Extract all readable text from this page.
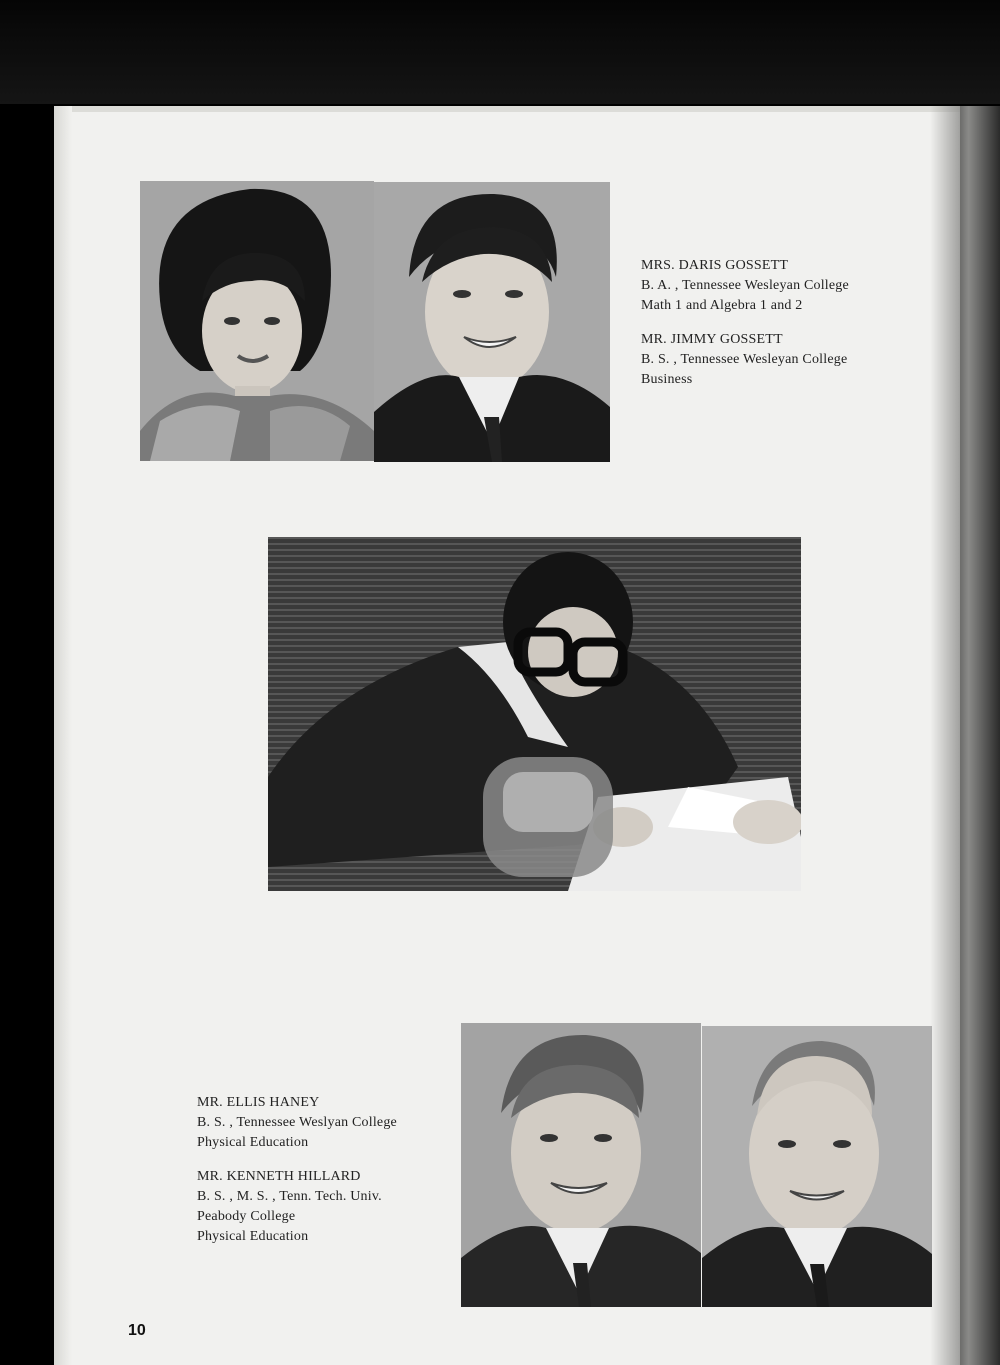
MRS. DARIS GOSSETT
B. A. , Tennessee Wesleyan College
Math 1 and Algebra 1 and 2
MR. JIMMY GOSSETT
B. S. , Tennessee Wesleyan College
Business
MR. ELLIS HANEY
B. S. , Tennessee Weslyan College
Physical Education
MR. KENNETH HILLARD
B. S. , M. S. , Tenn. Tech. Univ.
Peabody College
Physical Education
10
